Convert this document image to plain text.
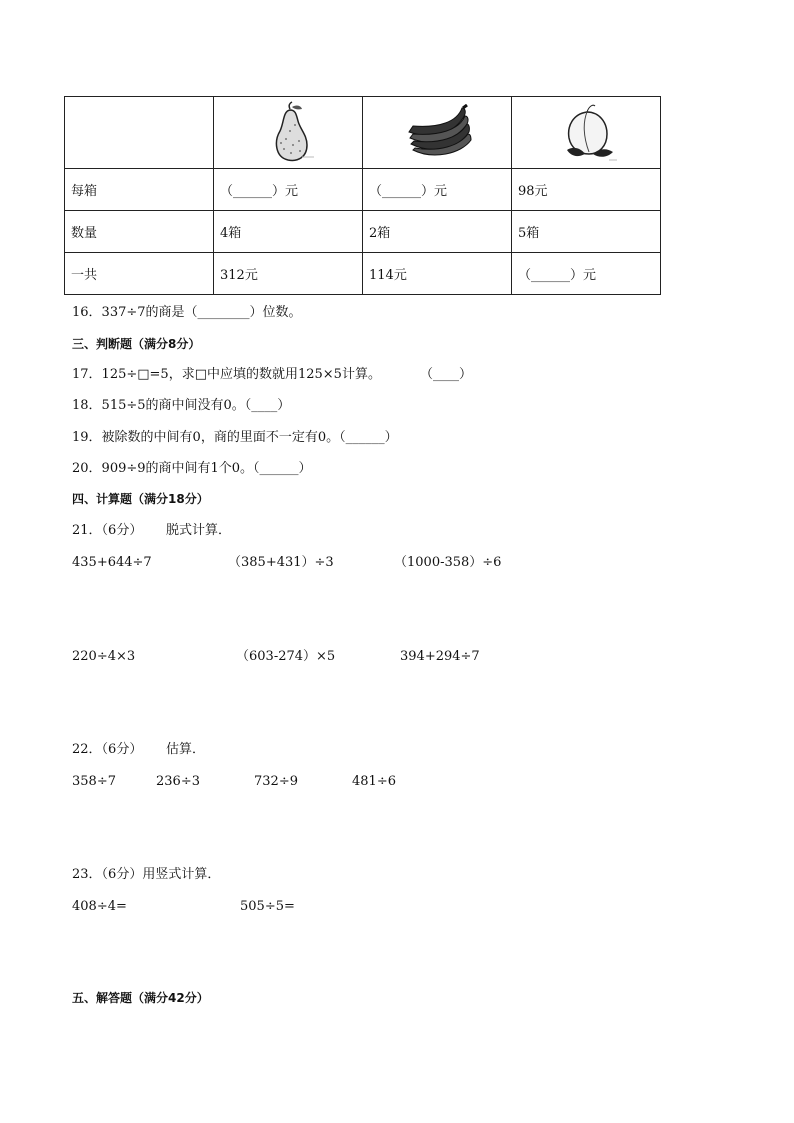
每箱	（______）元	（______）元	98元
数量	4箱	2箱	5箱
一共	312元	114元	（______）元
16．337÷7的商是（________）位数。
三、判断题（满分8分）
17．125÷□=5，求□中应填的数就用125×5计算。	（____）
18．515÷5的商中间没有0。（____）
19．被除数的中间有0，商的里面不一定有0。（______）
20．909÷9的商中间有1个0。（______）
四、计算题（满分18分）
21．（6分） 脱式计算．
435+644÷7	（385+431）÷3	（1000-358）÷6
220÷4×3	（603-274）×5	394+294÷7
22．（6分） 估算．
358÷7	236÷3	732÷9	481÷6
23．（6分）用竖式计算．
408÷4=	505÷5=
五、解答题（满分42分）
